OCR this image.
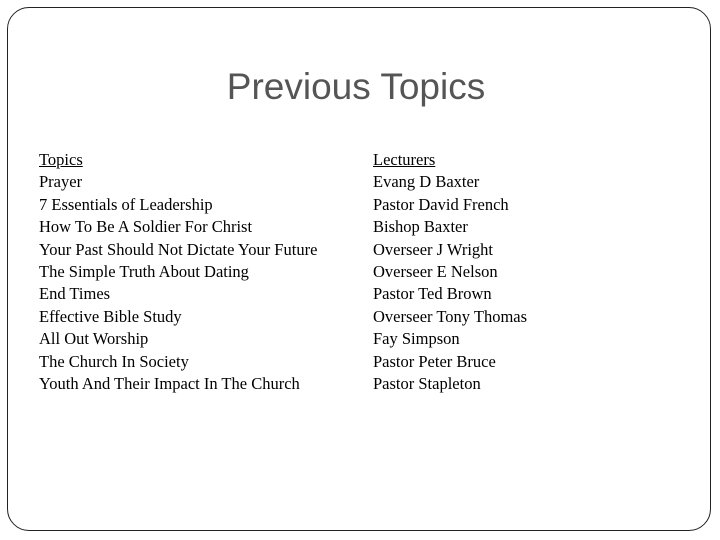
Previous Topics
Topics
Prayer
7 Essentials of Leadership
How To Be A Soldier For Christ
Your Past Should Not Dictate Your Future
The Simple Truth About Dating
End Times
Effective Bible Study
All Out Worship
The Church In Society
Youth And Their Impact In The Church
Lecturers
Evang D Baxter
Pastor David French
Bishop Baxter
Overseer J Wright
Overseer E Nelson
Pastor Ted Brown
Overseer Tony Thomas
Fay Simpson
Pastor Peter Bruce
Pastor Stapleton
